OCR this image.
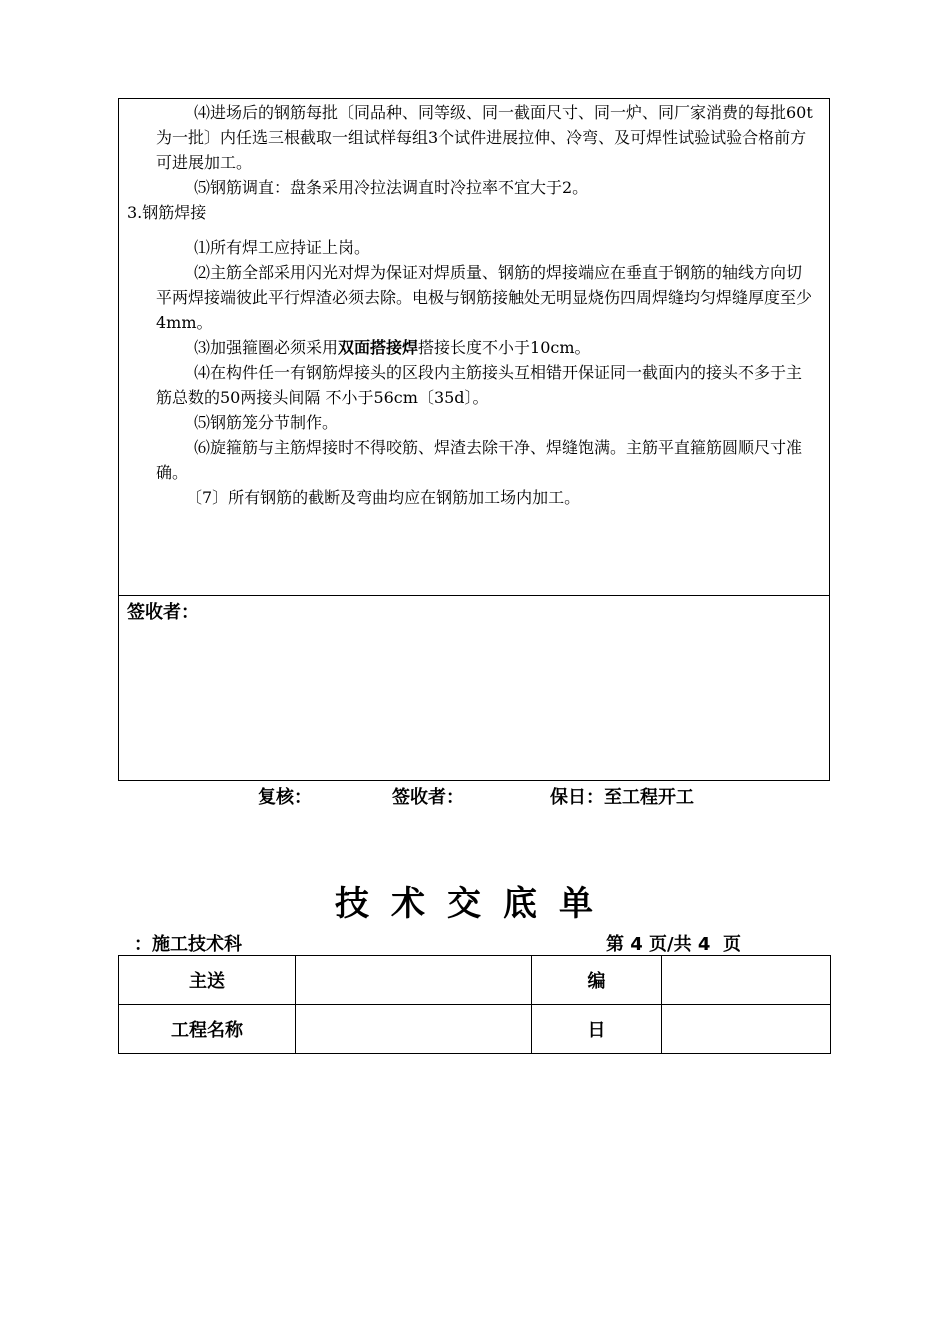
⑷进场后的钢筋每批〔同品种、同等级、同一截面尺寸、同一炉、同厂家消费的每批60t为一批〕内任选三根截取一组试样每组3个试件进展拉伸、冷弯、及可焊性试验试验合格前方可进展加工。

⑸钢筋调直：盘条采用冷拉法调直时冷拉率不宜大于2。

3.钢筋焊接

⑴所有焊工应持证上岗。

⑵主筋全部采用闪光对焊为保证对焊质量、钢筋的焊接端应在垂直于钢筋的轴线方向切平两焊接端彼此平行焊渣必须去除。电极与钢筋接触处无明显烧伤四周焊缝均匀焊缝厚度至少4mm。

⑶加强箍圈必须采用双面搭接焊搭接长度不小于10cm。

⑷在构件任一有钢筋焊接头的区段内主筋接头互相错开保证同一截面内的接头不多于主筋总数的50两接头间隔 不小于56cm〔35d〕。

⑸钢筋笼分节制作。

⑹旋箍筋与主筋焊接时不得咬筋、焊渣去除干净、焊缝饱满。主筋平直箍筋圆顺尺寸准确。

〔7〕所有钢筋的截断及弯曲均应在钢筋加工场内加工。

签收者：
复核：	签收者：	保日：至工程开工
技术交底单
：施工技术科	第 4 页/共 4  页
主送		编	
工程名称		日	
